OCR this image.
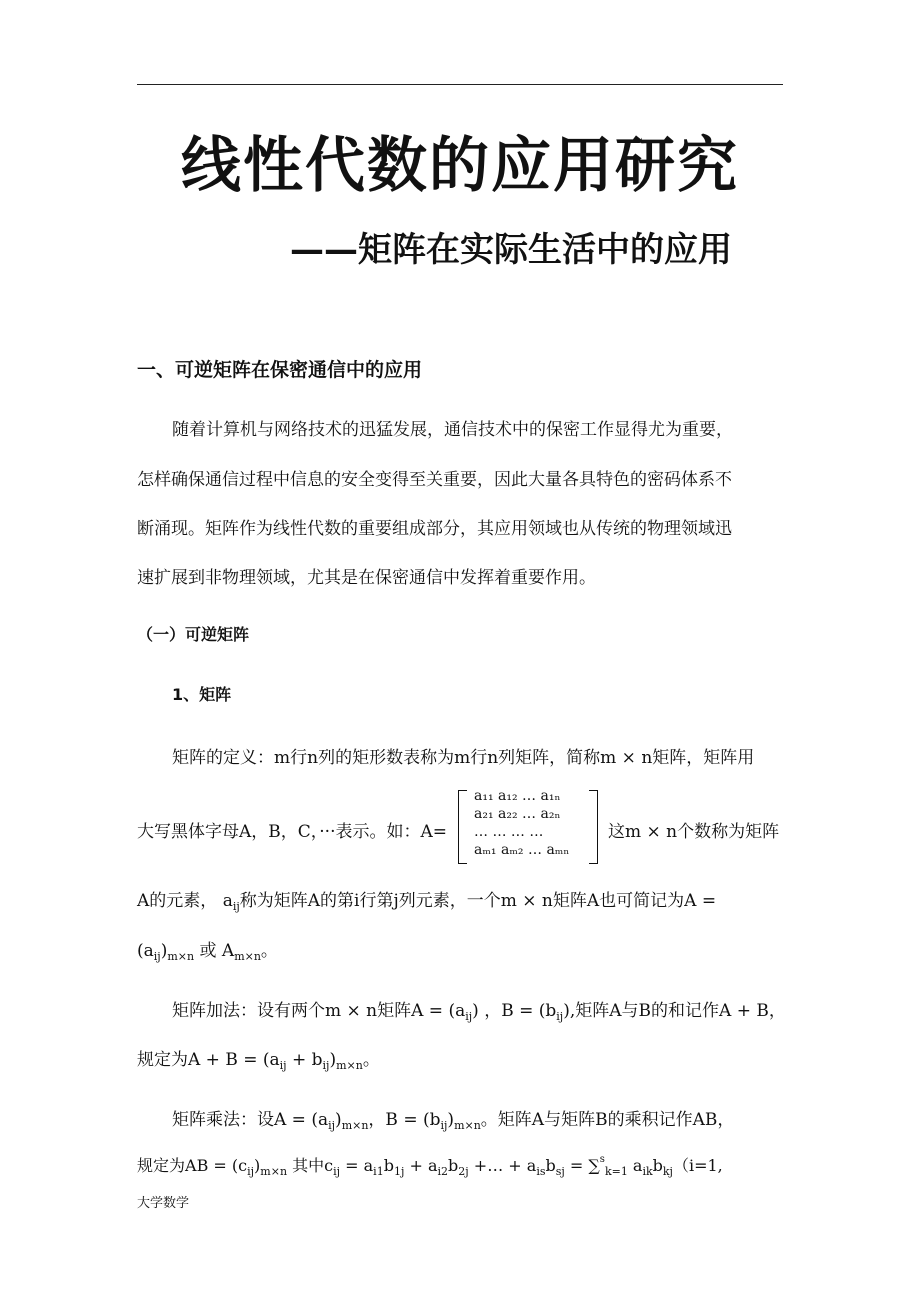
线性代数的应用研究
——矩阵在实际生活中的应用
一、可逆矩阵在保密通信中的应用
随着计算机与网络技术的迅猛发展，通信技术中的保密工作显得尤为重要，
怎样确保通信过程中信息的安全变得至关重要，因此大量各具特色的密码体系不
断涌现。矩阵作为线性代数的重要组成部分，其应用领域也从传统的物理领域迅
速扩展到非物理领域，尤其是在保密通信中发挥着重要作用。
（一）可逆矩阵
1、矩阵
矩阵的定义：m行n列的矩形数表称为m行n列矩阵，简称m × n矩阵，矩阵用
大写黑体字母A，B，C，···表示。如：A=
a₁₁ a₁₂ … a₁ₙ
a₂₁ a₂₂ … a₂ₙ
… … … …
aₘ₁ aₘ₂ … aₘₙ
这m × n个数称为矩阵
A的元素， $a_{ij}$称为矩阵A的第i行第j列元素，一个m × n矩阵A也可简记为A =
$(a_{ij})_{m\times n}$ 或 $A_{m\times n}$。
矩阵加法：设有两个m × n矩阵$A = (a_{ij})$ ，$B = (b_{ij})$,矩阵A与B的和记作A + B，
规定为$A + B = (a_{ij} + b_{ij})_{m\times n}$。
矩阵乘法：设$A = (a_{ij})_{m\times n}$，$B = (b_{ij})_{m\times n}$。矩阵A与矩阵B的乘积记作AB，
规定为AB = $(c_{ij})_{m\times n}$ 其中$c_{ij} = a_{i1}b_{1j} + a_{i2}b_{2j}$ +… + $a_{is}b_{sj} = \sum^s_{k=1}$ $a_{ik}b_{kj}(i=1$,
大学数学
